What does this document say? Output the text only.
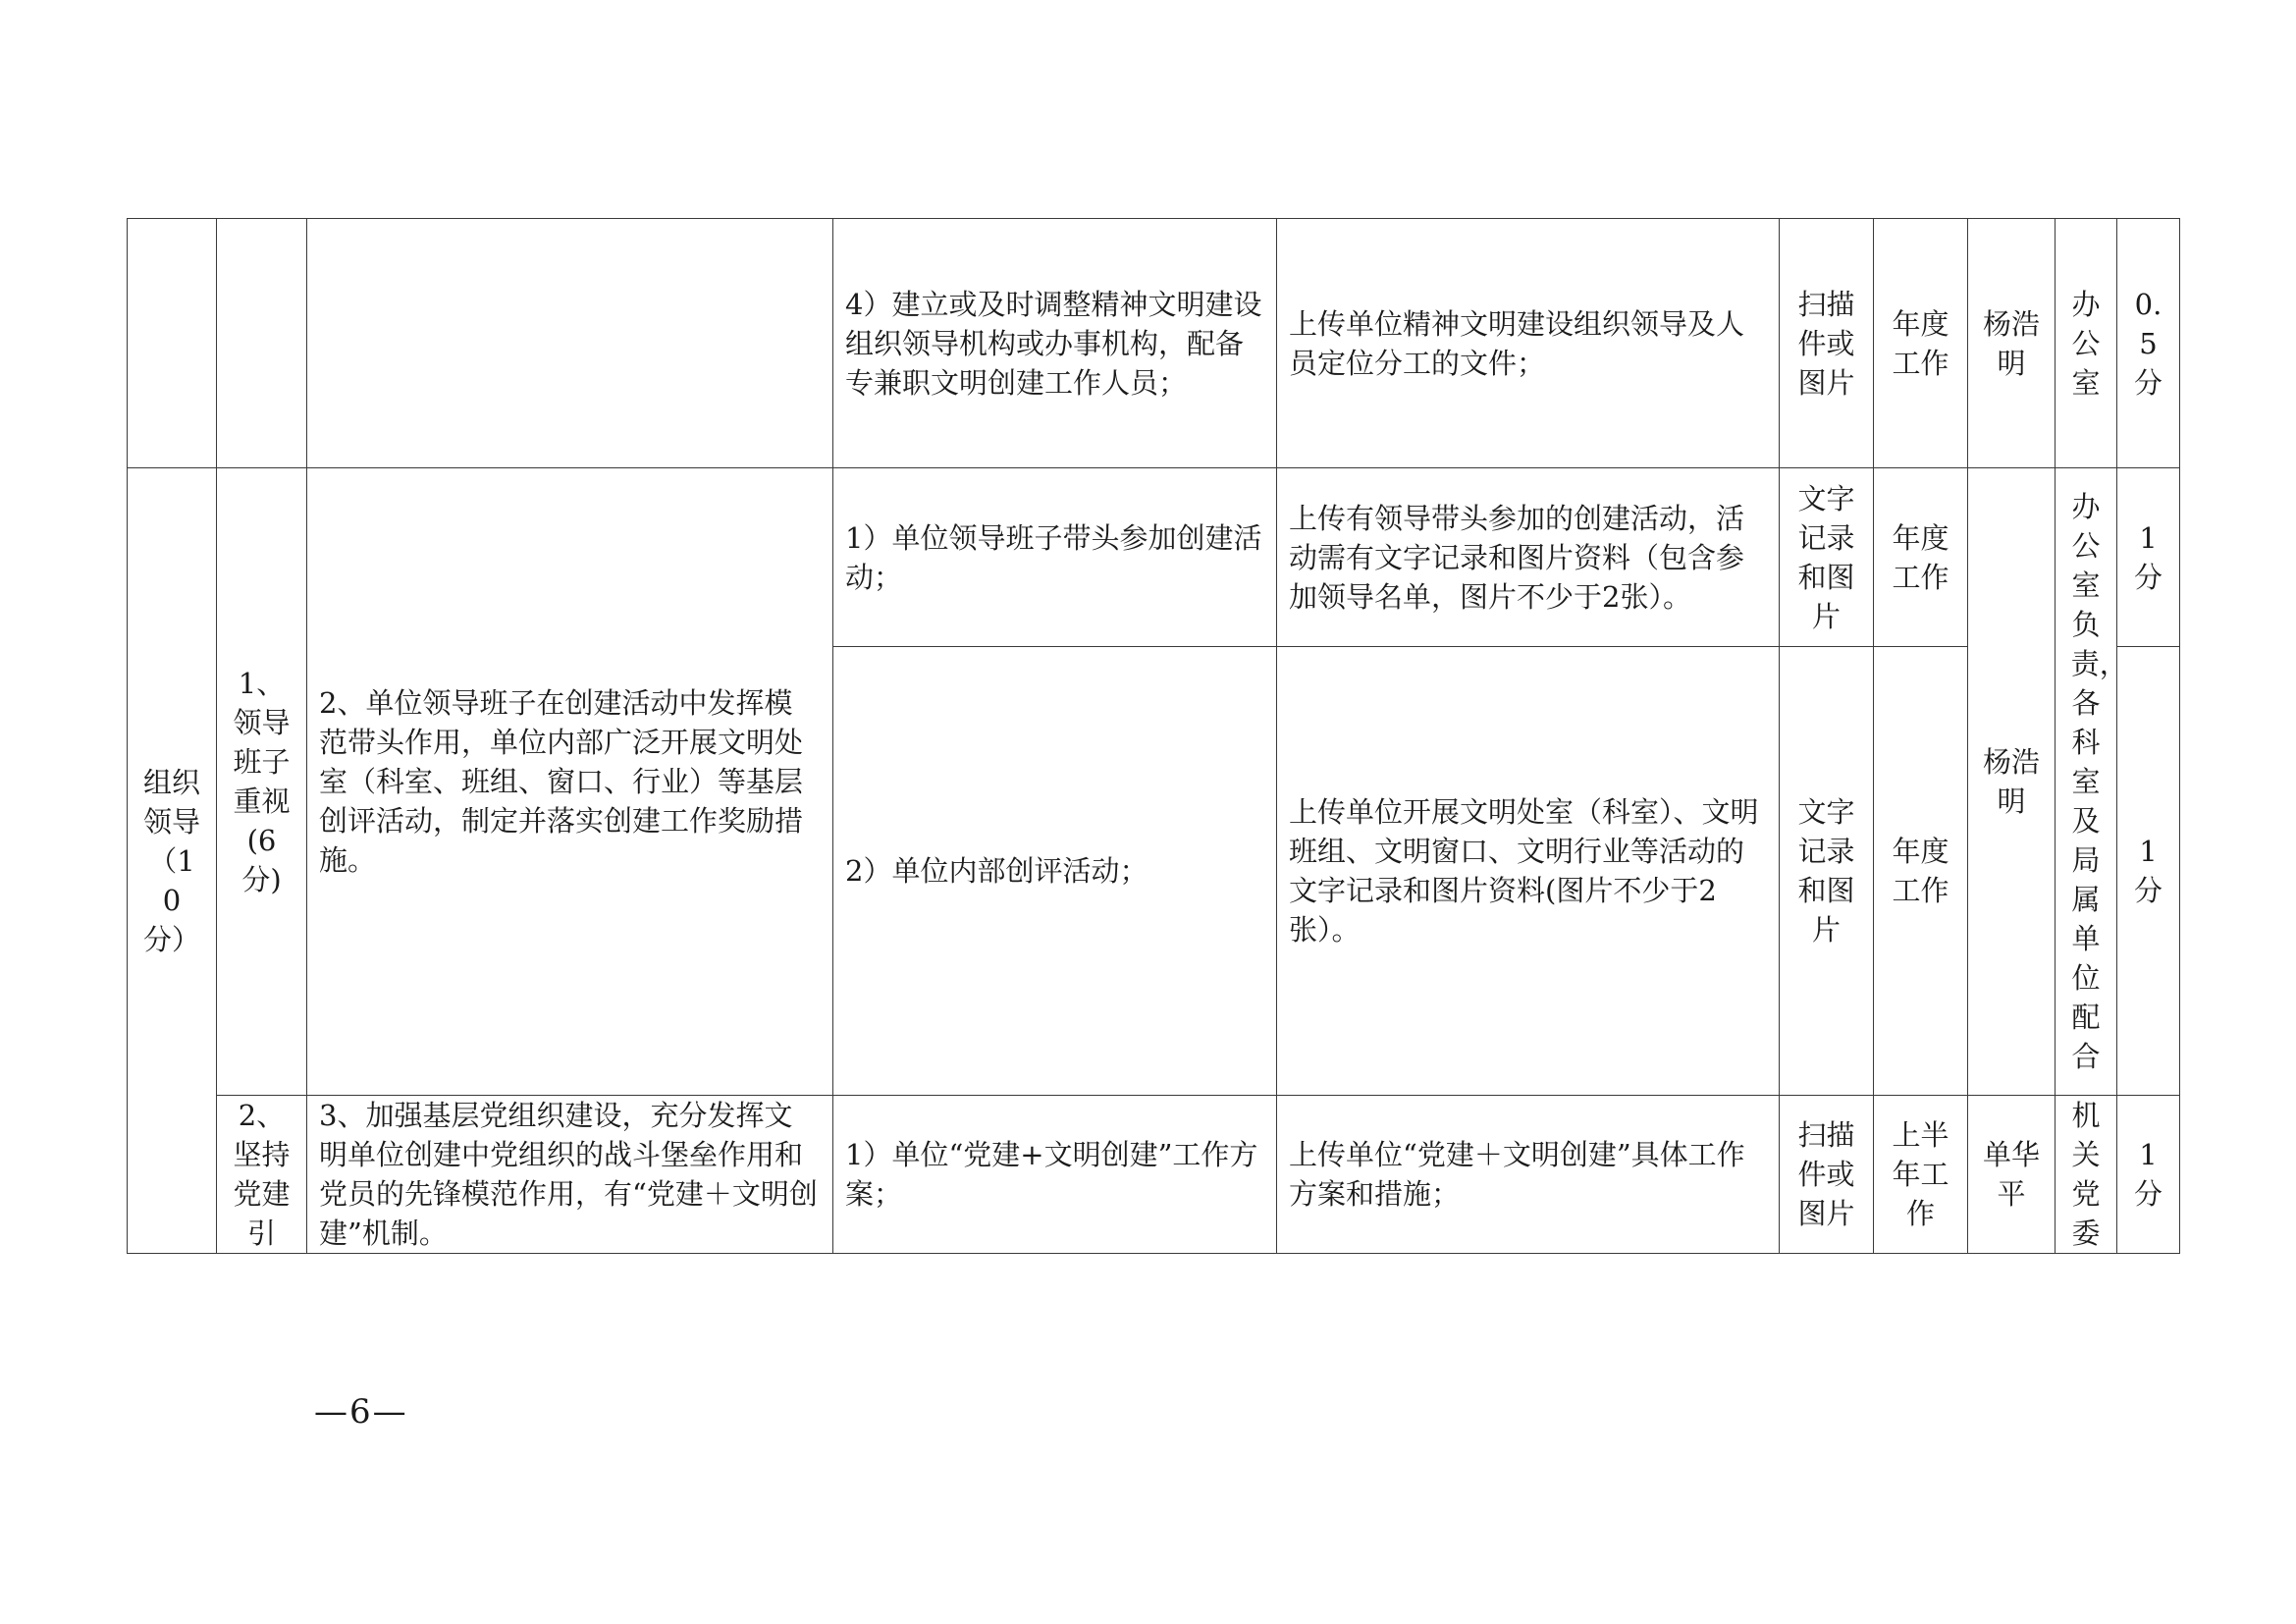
			4）建立或及时调整精神文明建设组织领导机构或办事机构，配备专兼职文明创建工作人员；	上传单位精神文明建设组织领导及人员定位分工的文件；	扫描件或图片	年度工作	杨浩明	办公室	0.5分

组织领导（10分）	1、领导班子重视(6分)	2、单位领导班子在创建活动中发挥模范带头作用，单位内部广泛开展文明处室（科室、班组、窗口、行业）等基层创评活动，制定并落实创建工作奖励措施。	1）单位领导班子带头参加创建活动；	上传有领导带头参加的创建活动，活动需有文字记录和图片资料（包含参加领导名单，图片不少于2张）。	文字记录和图片	年度工作	杨浩明	办公室负责，各科室及局属单位配合	1分

			2）单位内部创评活动；	上传单位开展文明处室（科室）、文明班组、文明窗口、文明行业等活动的文字记录和图片资料(图片不少于2张）。	文字记录和图片	年度工作			1分

	2、坚持党建引	3、加强基层党组织建设，充分发挥文明单位创建中党组织的战斗堡垒作用和党员的先锋模范作用，有“党建＋文明创建”机制。	1）单位“党建+文明创建”工作方案；	上传单位“党建＋文明创建”具体工作方案和措施；	扫描件或图片	上半年工作	单华平	机关党委	1分
—6—
